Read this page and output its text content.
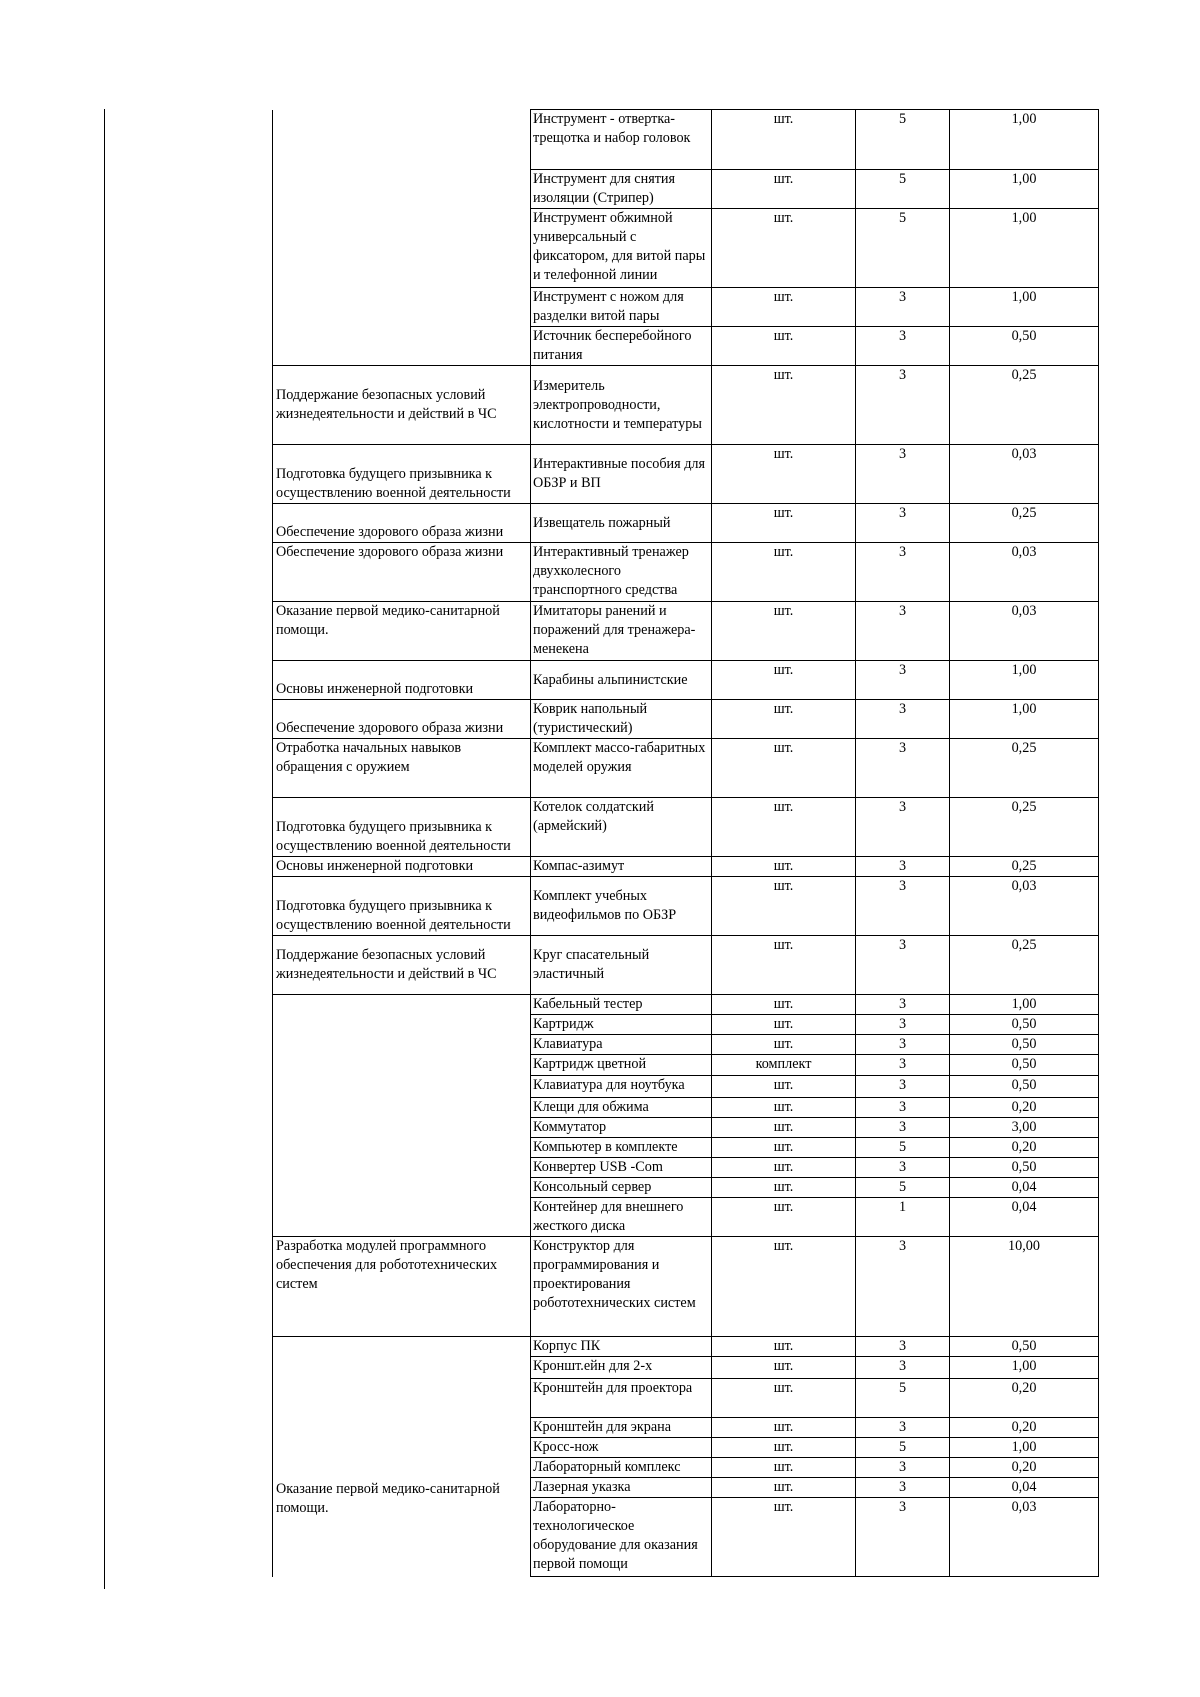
	Инструмент - отвертка-трещотка и набор головок	шт.	5	1,00
	Инструмент для снятия изоляции (Стрипер)	шт.	5	1,00
	Инструмент обжимной универсальный с фиксатором, для витой пары и телефонной линии	шт.	5	1,00
	Инструмент с ножом для разделки витой пары	шт.	3	1,00
	Источник бесперебойного питания	шт.	3	0,50
Поддержание безопасных условий жизнедеятельности и действий в ЧС	Измеритель электропроводности, кислотности и температуры	шт.	3	0,25
Подготовка будущего призывника к осуществлению военной деятельности	Интерактивные пособия для ОБЗР и ВП	шт.	3	0,03
Обеспечение здорового образа жизни	Извещатель пожарный	шт.	3	0,25
Обеспечение здорового образа жизни	Интерактивный тренажер двухколесного транспортного средства	шт.	3	0,03
Оказание первой медико-санитарной помощи.	Имитаторы ранений и поражений для тренажера-менекена	шт.	3	0,03
Основы инженерной подготовки	Карабины альпинистские	шт.	3	1,00
Обеспечение здорового образа жизни	Коврик напольный (туристический)	шт.	3	1,00
Отработка начальных навыков обращения с оружием	Комплект массо-габаритных моделей оружия	шт.	3	0,25
Подготовка будущего призывника к осуществлению военной деятельности	Котелок солдатский (армейский)	шт.	3	0,25
Основы инженерной подготовки	Компас-азимут	шт.	3	0,25
Подготовка будущего призывника к осуществлению военной деятельности	Комплект учебных видеофильмов по ОБЗР	шт.	3	0,03
Поддержание безопасных условий жизнедеятельности и действий в ЧС	Круг спасательный эластичный	шт.	3	0,25
	Кабельный тестер	шт.	3	1,00
	Картридж	шт.	3	0,50
	Клавиатура	шт.	3	0,50
	Картридж цветной	комплект	3	0,50
	Клавиатура для ноутбука	шт.	3	0,50
	Клещи для обжима	шт.	3	0,20
	Коммутатор	шт.	3	3,00
	Компьютер в комплекте	шт.	5	0,20
	Конвертер USB -Com	шт.	3	0,50
	Консольный сервер	шт.	5	0,04
	Контейнер для внешнего жесткого диска	шт.	1	0,04
Разработка модулей программного обеспечения для робототехнических систем	Конструктор для программирования и проектирования робототехнических систем	шт.	3	10,00

Оказание первой медико-санитарной помощи.	Корпус ПК	шт.	3	0,50
	Кроншт.ейн для 2-х	шт.	3	1,00
	Кронштейн для проектора	шт.	5	0,20
	Кронштейн для экрана	шт.	3	0,20
	Кросс-нож	шт.	5	1,00
	Лабораторный комплекс	шт.	3	0,20
	Лазерная указка	шт.	3	0,04
	Лабораторно-технологическое оборудование для оказания первой помощи	шт.	3	0,03
